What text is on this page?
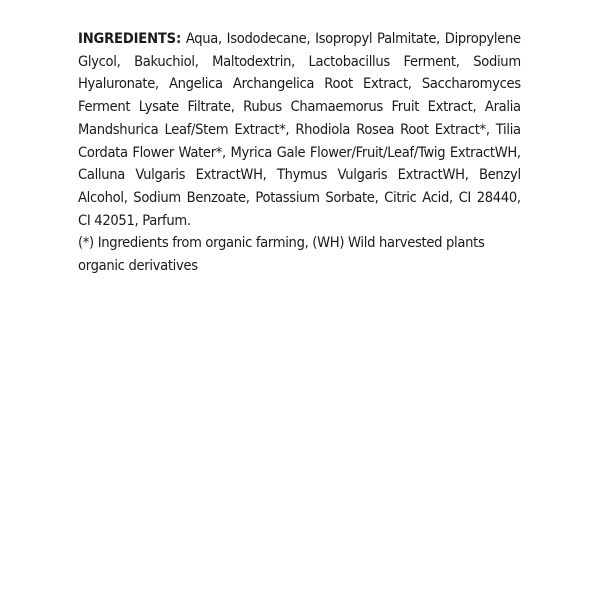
INGREDIENTS: Aqua, Isododecane, Isopropyl Palmitate, Dipropylene Glycol, Bakuchiol, Maltodextrin, Lactobacillus Ferment, Sodium Hyaluronate, Angelica Archangelica Root Extract, Saccharomyces Ferment Lysate Filtrate, Rubus Chamaemorus Fruit Extract, Aralia Mandshurica Leaf/Stem Extract*, Rhodiola Rosea Root Extract*, Tilia Cordata Flower Water*, Myrica Gale Flower/Fruit/Leaf/Twig ExtractWH, Calluna Vulgaris ExtractWH, Thymus Vulgaris ExtractWH, Benzyl Alcohol, Sodium Benzoate, Potassium Sorbate, Citric Acid, CI 28440, CI 42051, Parfum.

(*) Ingredients from organic farming, (WH) Wild harvested plants organic derivatives
